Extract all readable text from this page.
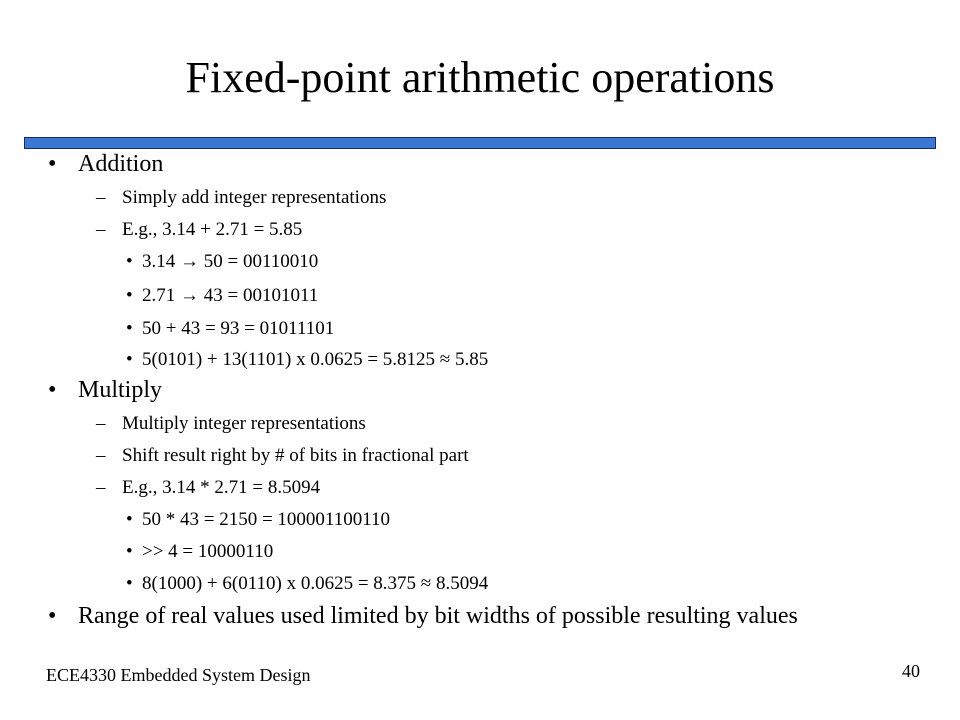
Fixed-point arithmetic operations
• Addition
– Simply add integer representations
– E.g., 3.14 + 2.71 = 5.85
• 3.14 → 50 = 00110010
• 2.71 → 43 = 00101011
• 50 + 43 = 93 = 01011101
• 5(0101) + 13(1101) x 0.0625 = 5.8125 ≈ 5.85
• Multiply
– Multiply integer representations
– Shift result right by # of bits in fractional part
– E.g., 3.14 * 2.71 = 8.5094
• 50 * 43 = 2150 = 100001100110
• >> 4 = 10000110
• 8(1000) + 6(0110) x 0.0625 = 8.375 ≈ 8.5094
• Range of real values used limited by bit widths of possible resulting values
ECE4330 Embedded System Design	40
